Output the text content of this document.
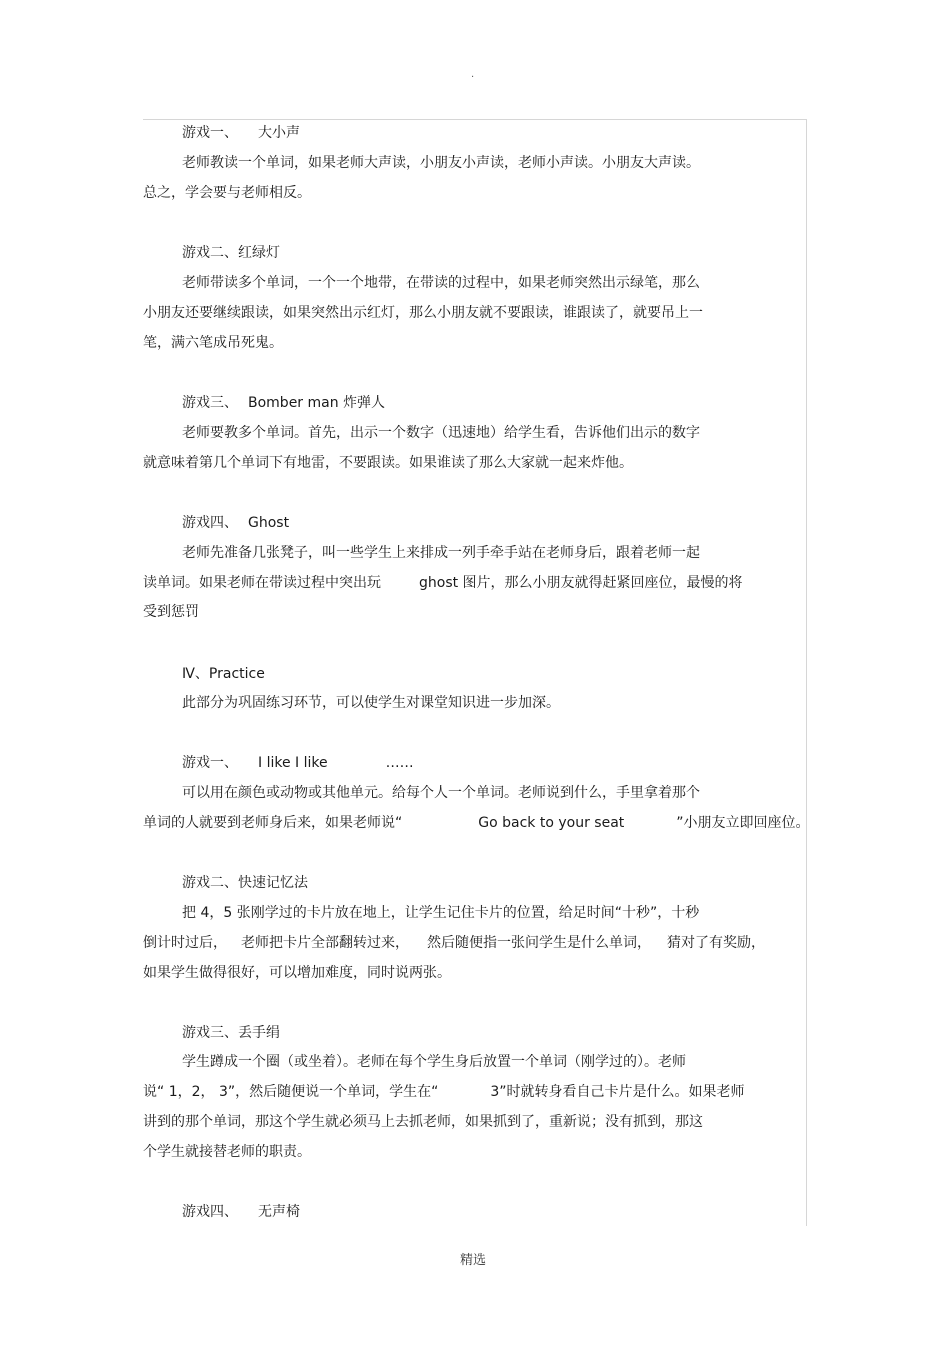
·
游戏一、 大小声
老师教读一个单词，如果老师大声读，小朋友小声读，老师小声读。小朋友大声读。
总之，学会要与老师相反。
游戏二、红绿灯
老师带读多个单词，一个一个地带，在带读的过程中，如果老师突然出示绿笔，那么
小朋友还要继续跟读，如果突然出示红灯，那么小朋友就不要跟读，谁跟读了，就要吊上一
笔，满六笔成吊死鬼。
游戏三、 Bomber man 炸弹人
老师要教多个单词。首先，出示一个数字（迅速地）给学生看，告诉他们出示的数字
就意味着第几个单词下有地雷，不要跟读。如果谁读了那么大家就一起来炸他。
游戏四、 Ghost
老师先准备几张凳子，叫一些学生上来排成一列手牵手站在老师身后，跟着老师一起
读单词。如果老师在带读过程中突出玩	ghost 图片，那么小朋友就得赶紧回座位，最慢的将
受到惩罚
Ⅳ、Practice
此部分为巩固练习环节，可以使学生对课堂知识进一步加深。
游戏一、 I like I like	……
可以用在颜色或动物或其他单元。给每个人一个单词。老师说到什么，手里拿着那个
单词的人就要到老师身后来，如果老师说“	Go back to your seat	”小朋友立即回座位。
游戏二、快速记忆法
把 4，5 张刚学过的卡片放在地上，让学生记住卡片的位置，给足时间“十秒”，十秒
倒计时过后， 老师把卡片全部翻转过来， 然后随便指一张问学生是什么单词， 猜对了有奖励，
如果学生做得很好，可以增加难度，同时说两张。
游戏三、丢手绢
学生蹲成一个圈（或坐着）。老师在每个学生身后放置一个单词（刚学过的）。老师
说“ 1，2， 3”，然后随便说一个单词，学生在“	3”时就转身看自己卡片是什么。如果老师
讲到的那个单词，那这个学生就必须马上去抓老师，如果抓到了，重新说；没有抓到，那这
个学生就接替老师的职责。
游戏四、 无声椅
精选
